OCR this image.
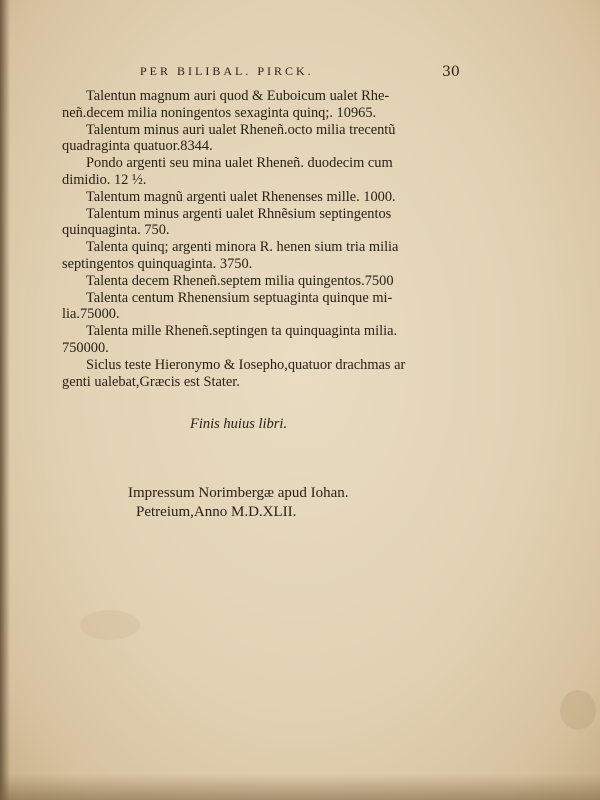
PER BILIBAL. PIRCK.	30
Talentun magnum auri quod & Euboicum ualet Rhe-
neñ.decem milia noningentos sexaginta quinq;. 10965.
Talentum minus auri ualet Rheneñ.octo milia trecentũ
quadraginta quatuor.8344.
Pondo argenti seu mina ualet Rheneñ. duodecim cum
dimidio. 12 ½.
Talentum magnũ argenti ualet Rhenenses mille. 1000.
Talentum minus argenti ualet Rhnẽsium septingentos
quinquaginta. 750.
Talenta quinq; argenti minora R. henen sium tria milia
septingentos quinquaginta. 3750.
Talenta decem Rheneñ.septem milia quingentos.7500
Talenta centum Rhenensium septuaginta quinque mi-
lia.75000.
Talenta mille Rheneñ.septingen ta quinquaginta milia.
750000.
Siclus teste Hieronymo & Iosepho,quatuor drachmas ar
genti ualebat,Græcis est Stater.
Finis huius libri.
Impressum Norimbergæ apud Iohan.
Petreium,Anno M.D.XLII.
